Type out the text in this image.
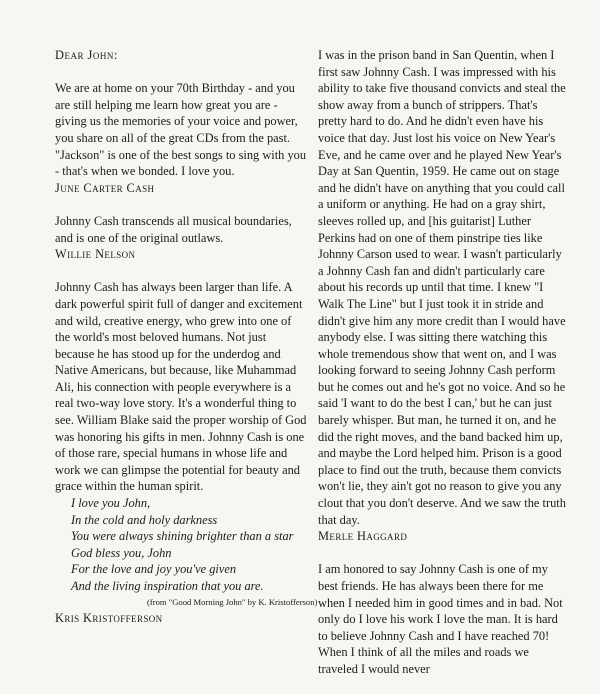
Dear John:

We are at home on your 70th Birthday - and you are still helping me learn how great you are - giving us the memories of your voice and power, you share on all of the great CDs from the past. "Jackson" is one of the best songs to sing with you - that's when we bonded. I love you.

June Carter Cash

Johnny Cash transcends all musical boundaries, and is one of the original outlaws.

Willie Nelson

Johnny Cash has always been larger than life. A dark powerful spirit full of danger and excitement and wild, creative energy, who grew into one of the world's most beloved humans. Not just because he has stood up for the underdog and Native Americans, but because, like Muhammad Ali, his connection with people everywhere is a real two-way love story. It's a wonderful thing to see. William Blake said the proper worship of God was honoring his gifts in men. Johnny Cash is one of those rare, special humans in whose life and work we can glimpse the potential for beauty and grace within the human spirit.

I love you John,
In the cold and holy darkness
You were always shining brighter than a star
God bless you, John
For the love and joy you've given
And the living inspiration that you are.
(from "Good Morning John" by K. Kristofferson)
Kris Kristofferson

I was in the prison band in San Quentin, when I first saw Johnny Cash. I was impressed with his ability to take five thousand convicts and steal the show away from a bunch of strippers. That's pretty hard to do. And he didn't even have his voice that day. Just lost his voice on New Year's Eve, and he came over and he played New Year's Day at San Quentin, 1959. He came out on stage and he didn't have on anything that you could call a uniform or anything. He had on a gray shirt, sleeves rolled up, and [his guitarist] Luther Perkins had on one of them pinstripe ties like Johnny Carson used to wear. I wasn't particularly a Johnny Cash fan and didn't particularly care about his records up until that time. I knew "I Walk The Line" but I just took it in stride and didn't give him any more credit than I would have anybody else. I was sitting there watching this whole tremendous show that went on, and I was looking forward to seeing Johnny Cash perform but he comes out and he's got no voice. And so he said 'I want to do the best I can,' but he can just barely whisper. But man, he turned it on, and he did the right moves, and the band backed him up, and maybe the Lord helped him. Prison is a good place to find out the truth, because them convicts won't lie, they ain't got no reason to give you any clout that you don't deserve. And we saw the truth that day.

Merle Haggard

I am honored to say Johnny Cash is one of my best friends. He has always been there for me when I needed him in good times and in bad. Not only do I love his work I love the man. It is hard to believe Johnny Cash and I have reached 70! When I think of all the miles and roads we traveled I would never
